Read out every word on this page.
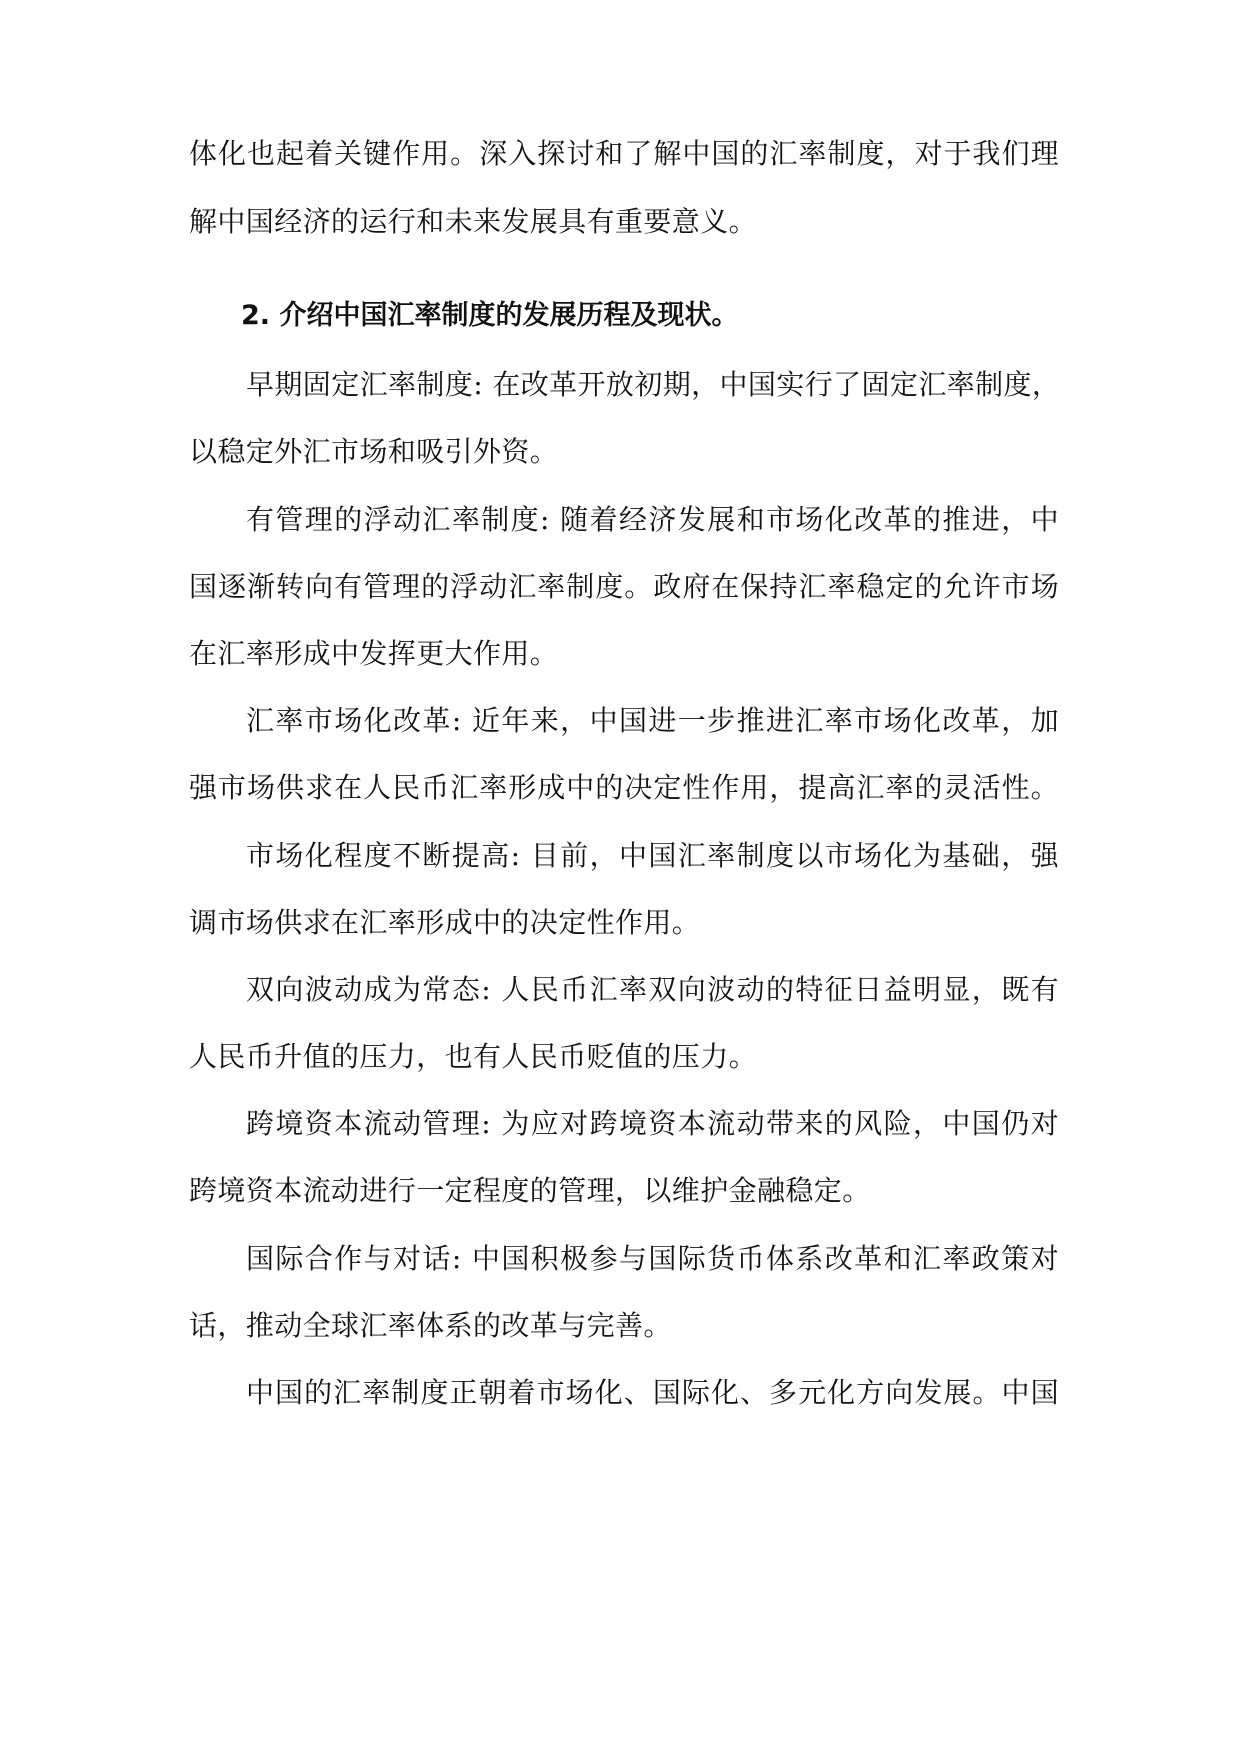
体化也起着关键作用。深入探讨和了解中国的汇率制度，对于我们理
解中国经济的运行和未来发展具有重要意义。
2. 介绍中国汇率制度的发展历程及现状。
早期固定汇率制度: 在改革开放初期，中国实行了固定汇率制度，
以稳定外汇市场和吸引外资。
有管理的浮动汇率制度: 随着经济发展和市场化改革的推进，中
国逐渐转向有管理的浮动汇率制度。政府在保持汇率稳定的允许市场
在汇率形成中发挥更大作用。
汇率市场化改革: 近年来，中国进一步推进汇率市场化改革，加
强市场供求在人民币汇率形成中的决定性作用，提高汇率的灵活性。
市场化程度不断提高: 目前，中国汇率制度以市场化为基础，强
调市场供求在汇率形成中的决定性作用。
双向波动成为常态: 人民币汇率双向波动的特征日益明显，既有
人民币升值的压力，也有人民币贬值的压力。
跨境资本流动管理: 为应对跨境资本流动带来的风险，中国仍对
跨境资本流动进行一定程度的管理，以维护金融稳定。
国际合作与对话: 中国积极参与国际货币体系改革和汇率政策对
话，推动全球汇率体系的改革与完善。
中国的汇率制度正朝着市场化、国际化、多元化方向发展。中国
